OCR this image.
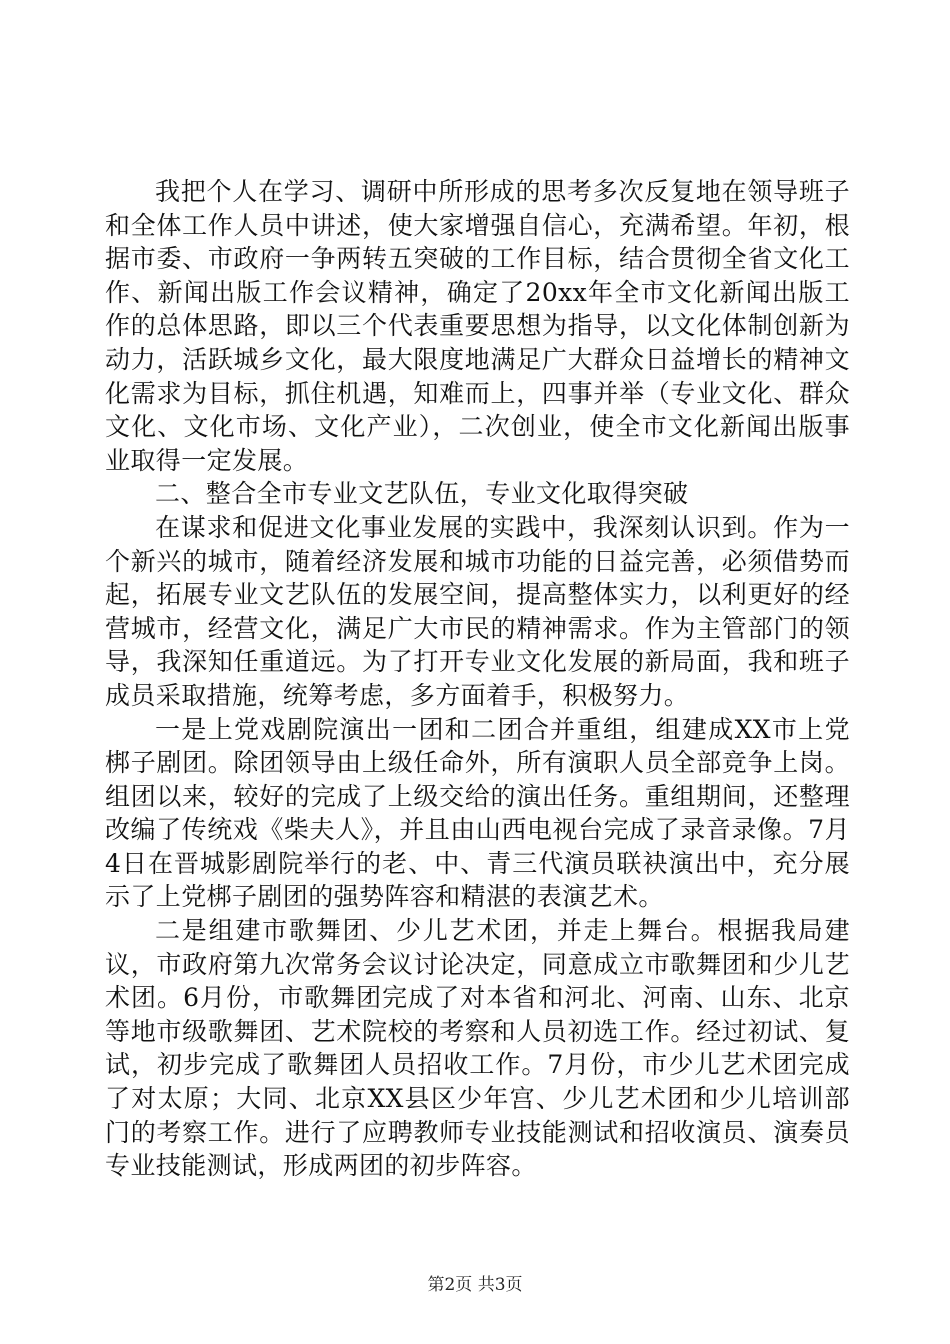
我把个人在学习、调研中所形成的思考多次反复地在领导班子和全体工作人员中讲述，使大家增强自信心，充满希望。年初，根据市委、市政府一争两转五突破的工作目标，结合贯彻全省文化工作、新闻出版工作会议精神，确定了20xx年全市文化新闻出版工作的总体思路，即以三个代表重要思想为指导，以文化体制创新为动力，活跃城乡文化，最大限度地满足广大群众日益增长的精神文化需求为目标，抓住机遇，知难而上，四事并举（专业文化、群众文化、文化市场、文化产业），二次创业，使全市文化新闻出版事业取得一定发展。

二、整合全市专业文艺队伍，专业文化取得突破

在谋求和促进文化事业发展的实践中，我深刻认识到。作为一个新兴的城市，随着经济发展和城市功能的日益完善，必须借势而起，拓展专业文艺队伍的发展空间，提高整体实力，以利更好的经营城市，经营文化，满足广大市民的精神需求。作为主管部门的领导，我深知任重道远。为了打开专业文化发展的新局面，我和班子成员采取措施，统筹考虑，多方面着手，积极努力。

一是上党戏剧院演出一团和二团合并重组，组建成XX市上党梆子剧团。除团领导由上级任命外，所有演职人员全部竞争上岗。组团以来，较好的完成了上级交给的演出任务。重组期间，还整理改编了传统戏《柴夫人》，并且由山西电视台完成了录音录像。7月4日在晋城影剧院举行的老、中、青三代演员联袂演出中，充分展示了上党梆子剧团的强势阵容和精湛的表演艺术。

二是组建市歌舞团、少儿艺术团，并走上舞台。根据我局建议，市政府第九次常务会议讨论决定，同意成立市歌舞团和少儿艺术团。6月份，市歌舞团完成了对本省和河北、河南、山东、北京等地市级歌舞团、艺术院校的考察和人员初选工作。经过初试、复试，初步完成了歌舞团人员招收工作。7月份，市少儿艺术团完成了对太原；大同、北京XX县区少年宫、少儿艺术团和少儿培训部门的考察工作。进行了应聘教师专业技能测试和招收演员、演奏员专业技能测试，形成两团的初步阵容。

第2页 共3页
